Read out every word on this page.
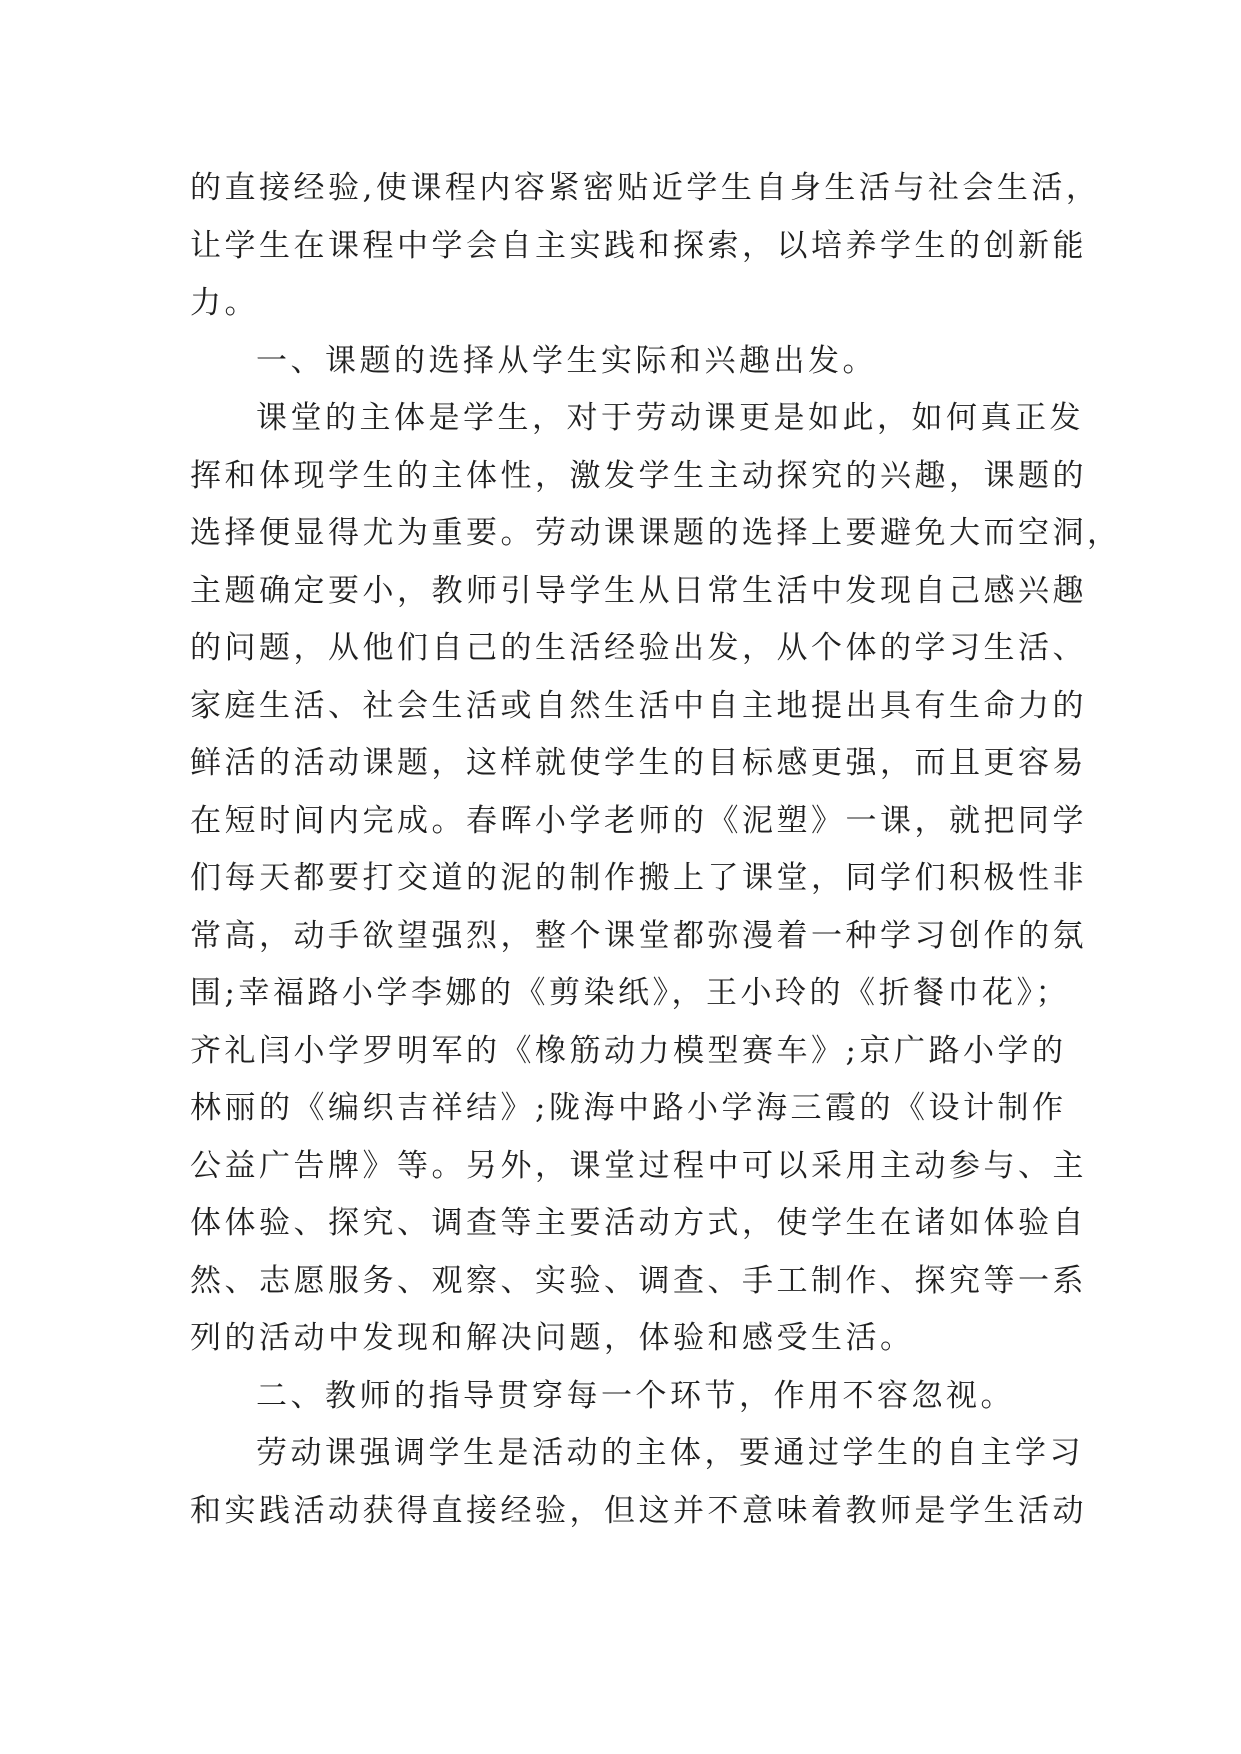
的直接经验,使课程内容紧密贴近学生自身生活与社会生活，
让学生在课程中学会自主实践和探索，以培养学生的创新能
力。
一、课题的选择从学生实际和兴趣出发。
课堂的主体是学生，对于劳动课更是如此，如何真正发
挥和体现学生的主体性，激发学生主动探究的兴趣，课题的
选择便显得尤为重要。劳动课课题的选择上要避免大而空洞，
主题确定要小，教师引导学生从日常生活中发现自己感兴趣
的问题，从他们自己的生活经验出发，从个体的学习生活、
家庭生活、社会生活或自然生活中自主地提出具有生命力的
鲜活的活动课题，这样就使学生的目标感更强，而且更容易
在短时间内完成。春晖小学老师的《泥塑》一课，就把同学
们每天都要打交道的泥的制作搬上了课堂，同学们积极性非
常高，动手欲望强烈，整个课堂都弥漫着一种学习创作的氛
围;幸福路小学李娜的《剪染纸》，王小玲的《折餐巾花》；
齐礼闫小学罗明军的《橡筋动力模型赛车》;京广路小学的
林丽的《编织吉祥结》;陇海中路小学海三霞的《设计制作
公益广告牌》等。另外，课堂过程中可以采用主动参与、主
体体验、探究、调查等主要活动方式，使学生在诸如体验自
然、志愿服务、观察、实验、调查、手工制作、探究等一系
列的活动中发现和解决问题，体验和感受生活。
二、教师的指导贯穿每一个环节，作用不容忽视。
劳动课强调学生是活动的主体，要通过学生的自主学习
和实践活动获得直接经验，但这并不意味着教师是学生活动
